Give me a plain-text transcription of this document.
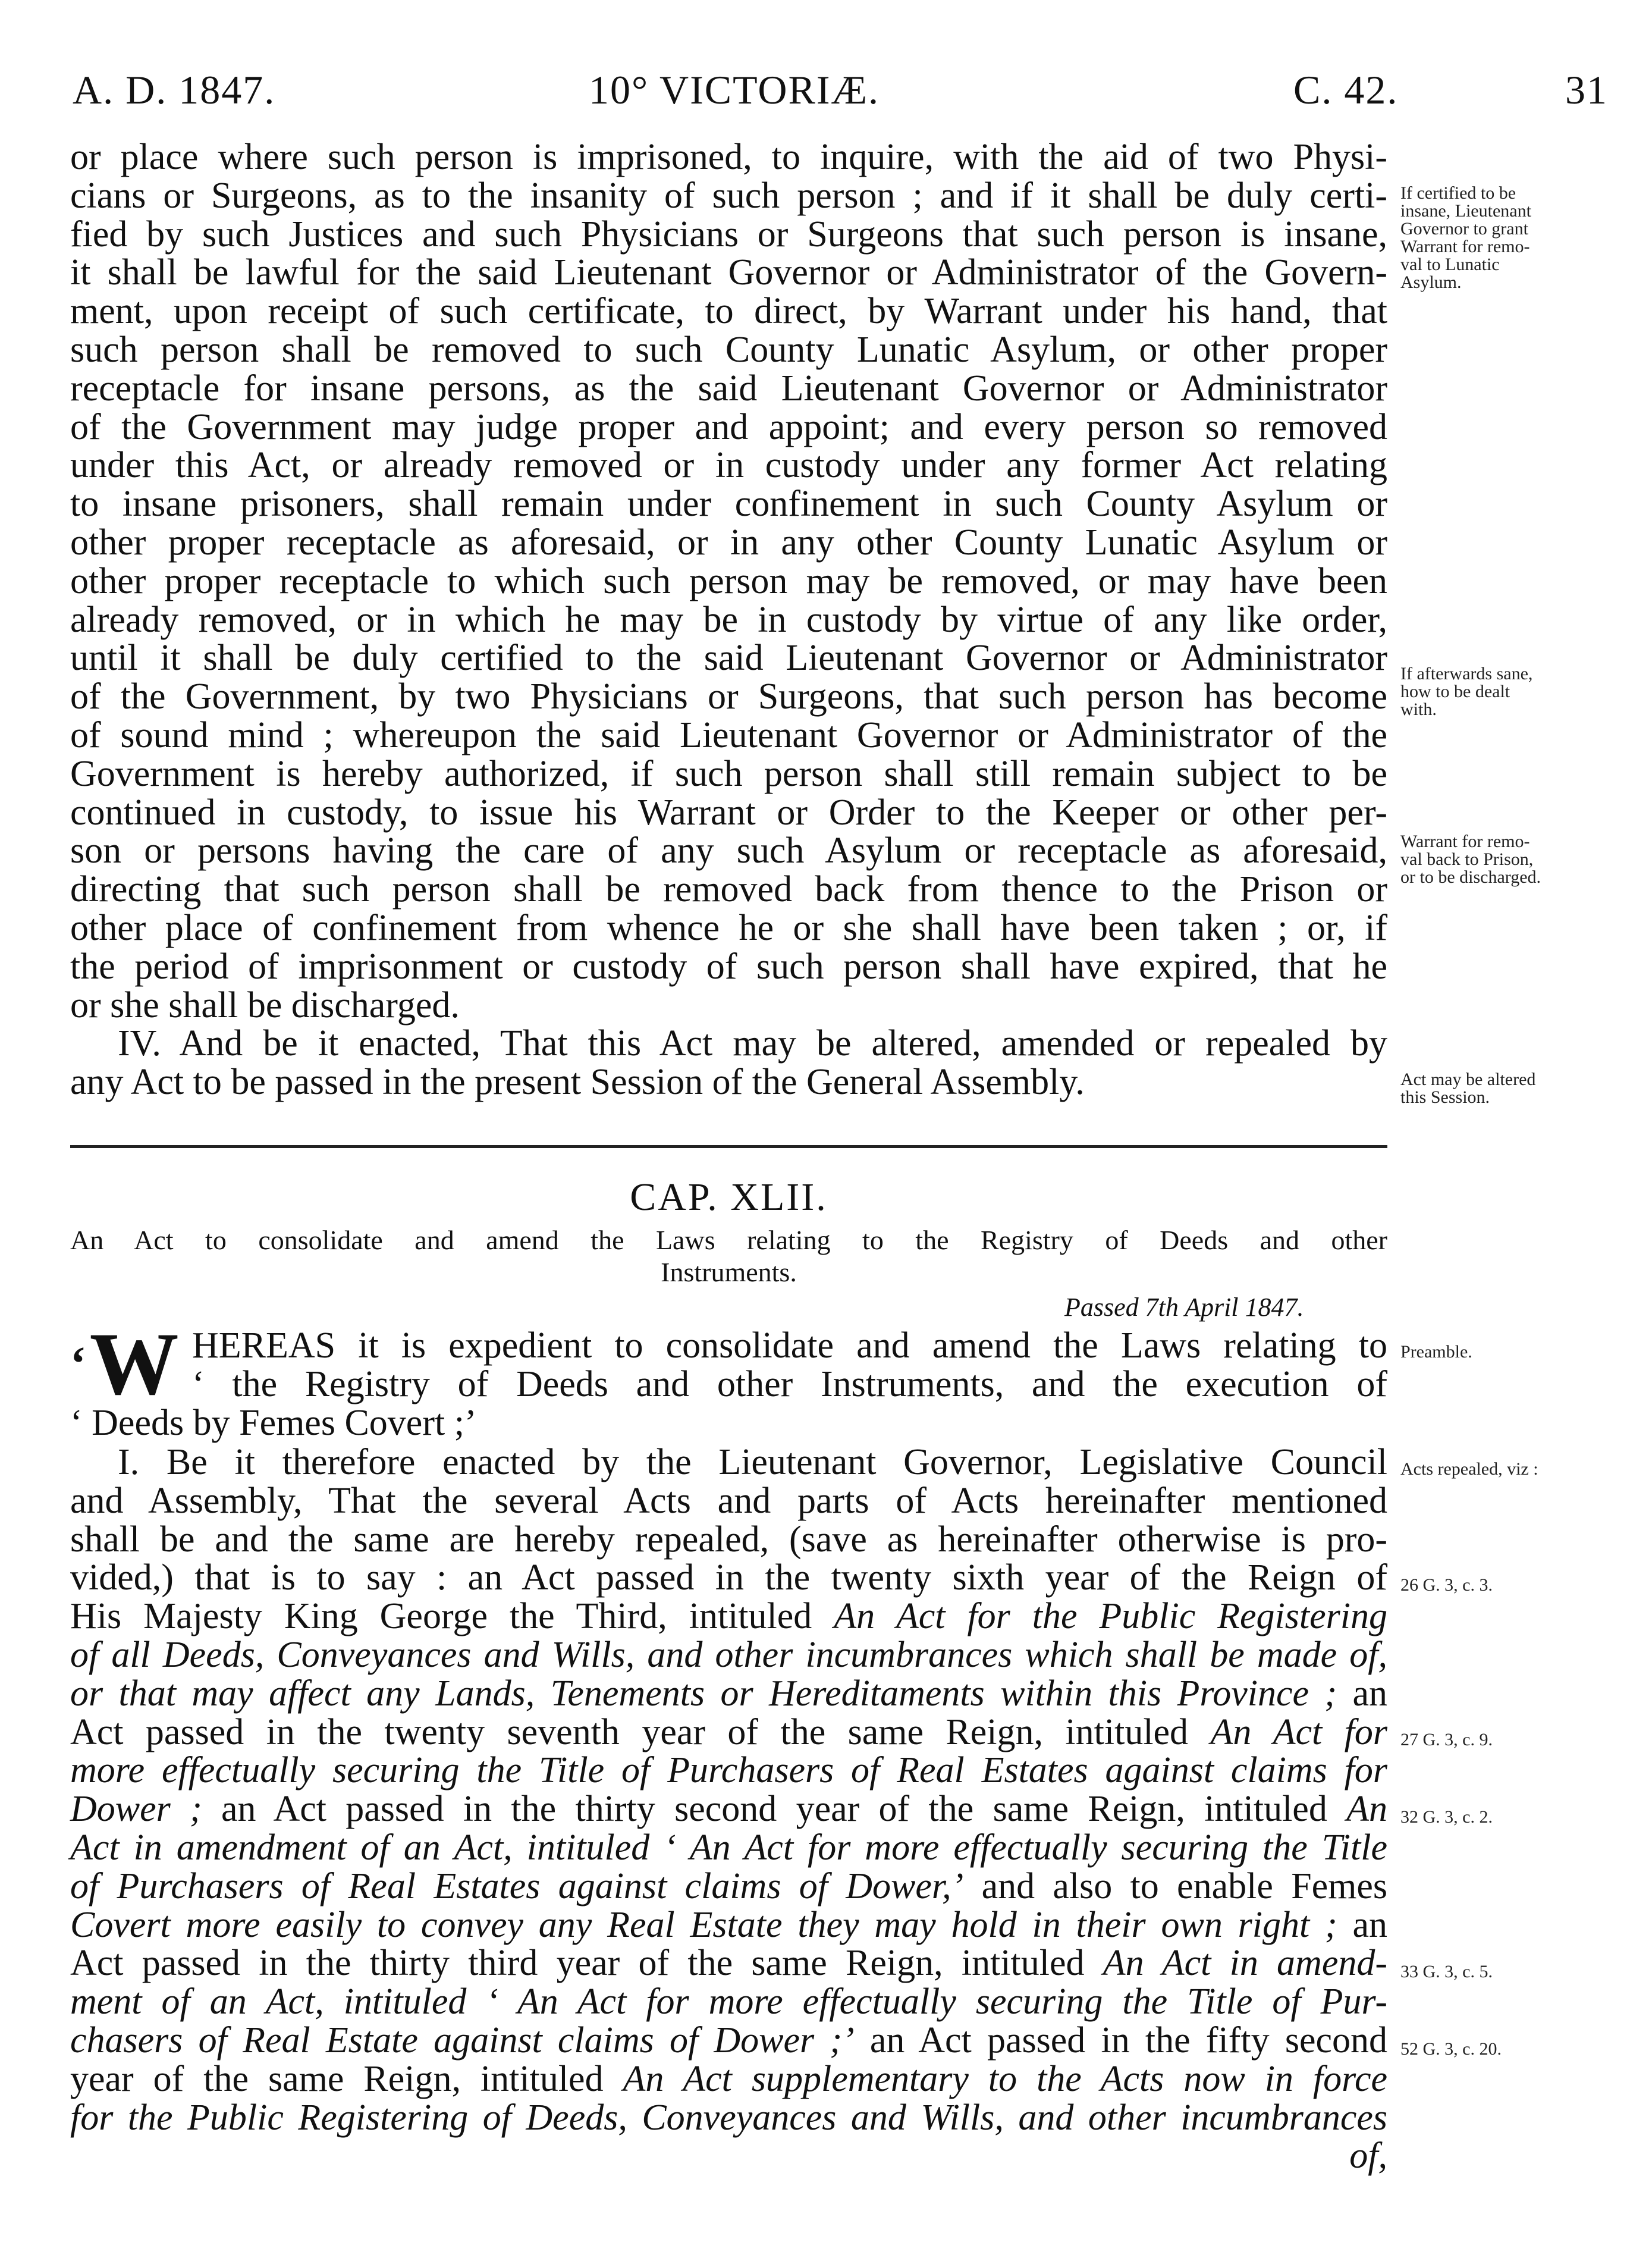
A. D. 1847.	10° VICTORIÆ.	C. 42.	31
or place where such person is imprisoned, to inquire, with the aid of two Physi-
cians or Surgeons, as to the insanity of such person ; and if it shall be duly certi-
fied by such Justices and such Physicians or Surgeons that such person is insane,
it shall be lawful for the said Lieutenant Governor or Administrator of the Govern-
ment, upon receipt of such certificate, to direct, by Warrant under his hand, that
such person shall be removed to such County Lunatic Asylum, or other proper
receptacle for insane persons, as the said Lieutenant Governor or Administrator
of the Government may judge proper and appoint; and every person so removed
under this Act, or already removed or in custody under any former Act relating
to insane prisoners, shall remain under confinement in such County Asylum or
other proper receptacle as aforesaid, or in any other County Lunatic Asylum or
other proper receptacle to which such person may be removed, or may have been
already removed, or in which he may be in custody by virtue of any like order,
until it shall be duly certified to the said Lieutenant Governor or Administrator
of the Government, by two Physicians or Surgeons, that such person has become
of sound mind ; whereupon the said Lieutenant Governor or Administrator of the
Government is hereby authorized, if such person shall still remain subject to be
continued in custody, to issue his Warrant or Order to the Keeper or other per-
son or persons having the care of any such Asylum or receptacle as aforesaid,
directing that such person shall be removed back from thence to the Prison or
other place of confinement from whence he or she shall have been taken ; or, if
the period of imprisonment or custody of such person shall have expired, that he
or she shall be discharged.
IV. And be it enacted, That this Act may be altered, amended or repealed by
any Act to be passed in the present Session of the General Assembly.
If certified to be
insane, Lieutenant
Governor to grant
Warrant for remo-
val to Lunatic
Asylum.
If afterwards sane,
how to be dealt
with.
Warrant for remo-
val back to Prison,
or to be discharged.
Act may be altered
this Session.
CAP. XLII.
An Act to consolidate and amend the Laws relating to the Registry of Deeds and other
Instruments.
Passed 7th April 1847.
‘W HEREAS it is expedient to consolidate and amend the Laws relating to
‘ the Registry of Deeds and other Instruments, and the execution of
‘ Deeds by Femes Covert ;’
I. Be it therefore enacted by the Lieutenant Governor, Legislative Council
and Assembly, That the several Acts and parts of Acts hereinafter mentioned
shall be and the same are hereby repealed, (save as hereinafter otherwise is pro-
vided,) that is to say : an Act passed in the twenty sixth year of the Reign of
His Majesty King George the Third, intituled An Act for the Public Registering
of all Deeds, Conveyances and Wills, and other incumbrances which shall be made of,
or that may affect any Lands, Tenements or Hereditaments within this Province ; an
Act passed in the twenty seventh year of the same Reign, intituled An Act for
more effectually securing the Title of Purchasers of Real Estates against claims for
Dower ; an Act passed in the thirty second year of the same Reign, intituled An
Act in amendment of an Act, intituled ‘ An Act for more effectually securing the Title
of Purchasers of Real Estates against claims of Dower,’ and also to enable Femes
Covert more easily to convey any Real Estate they may hold in their own right ; an
Act passed in the thirty third year of the same Reign, intituled An Act in amend-
ment of an Act, intituled ‘ An Act for more effectually securing the Title of Pur-
chasers of Real Estate against claims of Dower ;’ an Act passed in the fifty second
year of the same Reign, intituled An Act supplementary to the Acts now in force
for the Public Registering of Deeds, Conveyances and Wills, and other incumbrances
of,
Preamble.
Acts repealed, viz :
26 G. 3, c. 3.
27 G. 3, c. 9.
32 G. 3, c. 2.
33 G. 3, c. 5.
52 G. 3, c. 20.
